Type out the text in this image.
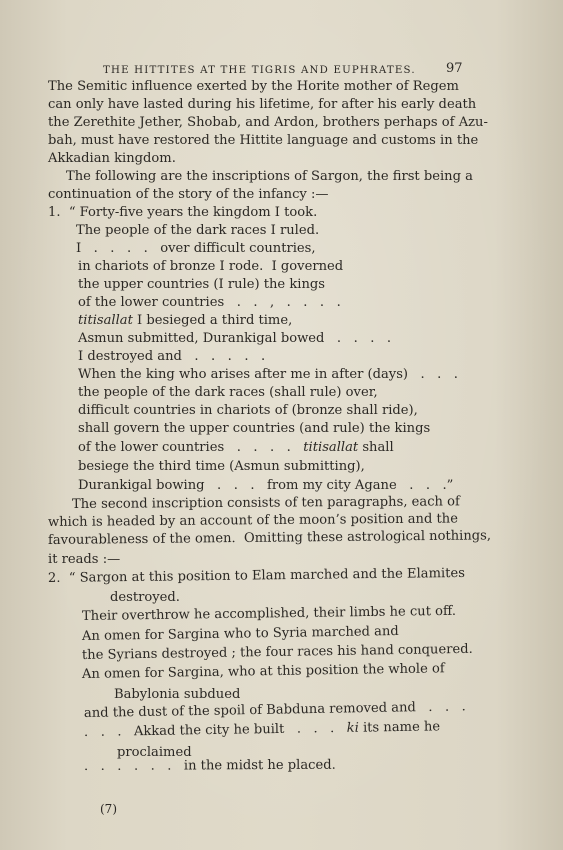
THE HITTITES AT THE TIGRIS AND EUPHRATES. 97
The Semitic influence exerted by the Horite mother of Regem
can only have lasted during his lifetime, for after his early death
the Zerethite Jether, Shobab, and Ardon, brothers perhaps of Azu-
bah, must have restored the Hittite language and customs in the
Akkadian kingdom.
The following are the inscriptions of Sargon, the first being a
continuation of the story of the infancy :—
1.  “ Forty-five years the kingdom I took.
The people of the dark races I ruled.
I   .   .   .   .   over difficult countries,
in chariots of bronze I rode.  I governed
the upper countries (I rule) the kings
of the lower countries   .   .   ,   .   .   .   .
titisallat I besieged a third time,
Asmun submitted, Durankigal bowed   .   .   .   .
I destroyed and   .   .   .   .   .
When the king who arises after me in after (days)   .   .   .
the people of the dark races (shall rule) over,
difficult countries in chariots of (bronze shall ride),
shall govern the upper countries (and rule) the kings
of the lower countries   .   .   .   .   titisallat shall
besiege the third time (Asmun submitting),
Durankigal bowing   .   .   .   from my city Agane   .   .   .”
The second inscription consists of ten paragraphs, each of
which is headed by an account of the moon’s position and the
favourableness of the omen.  Omitting these astrological nothings,
it reads :—
2.  “ Sargon at this position to Elam marched and the Elamites
destroyed.
Their overthrow he accomplished, their limbs he cut off.
An omen for Sargina who to Syria marched and
the Syrians destroyed ; the four races his hand conquered.
An omen for Sargina, who at this position the whole of
Babylonia subdued
and the dust of the spoil of Babduna removed and   .   .   .
.   .   .   Akkad the city he built   .   .   .   ki its name he
proclaimed
.   .   .   .   .   .   in the midst he placed.
(7)
